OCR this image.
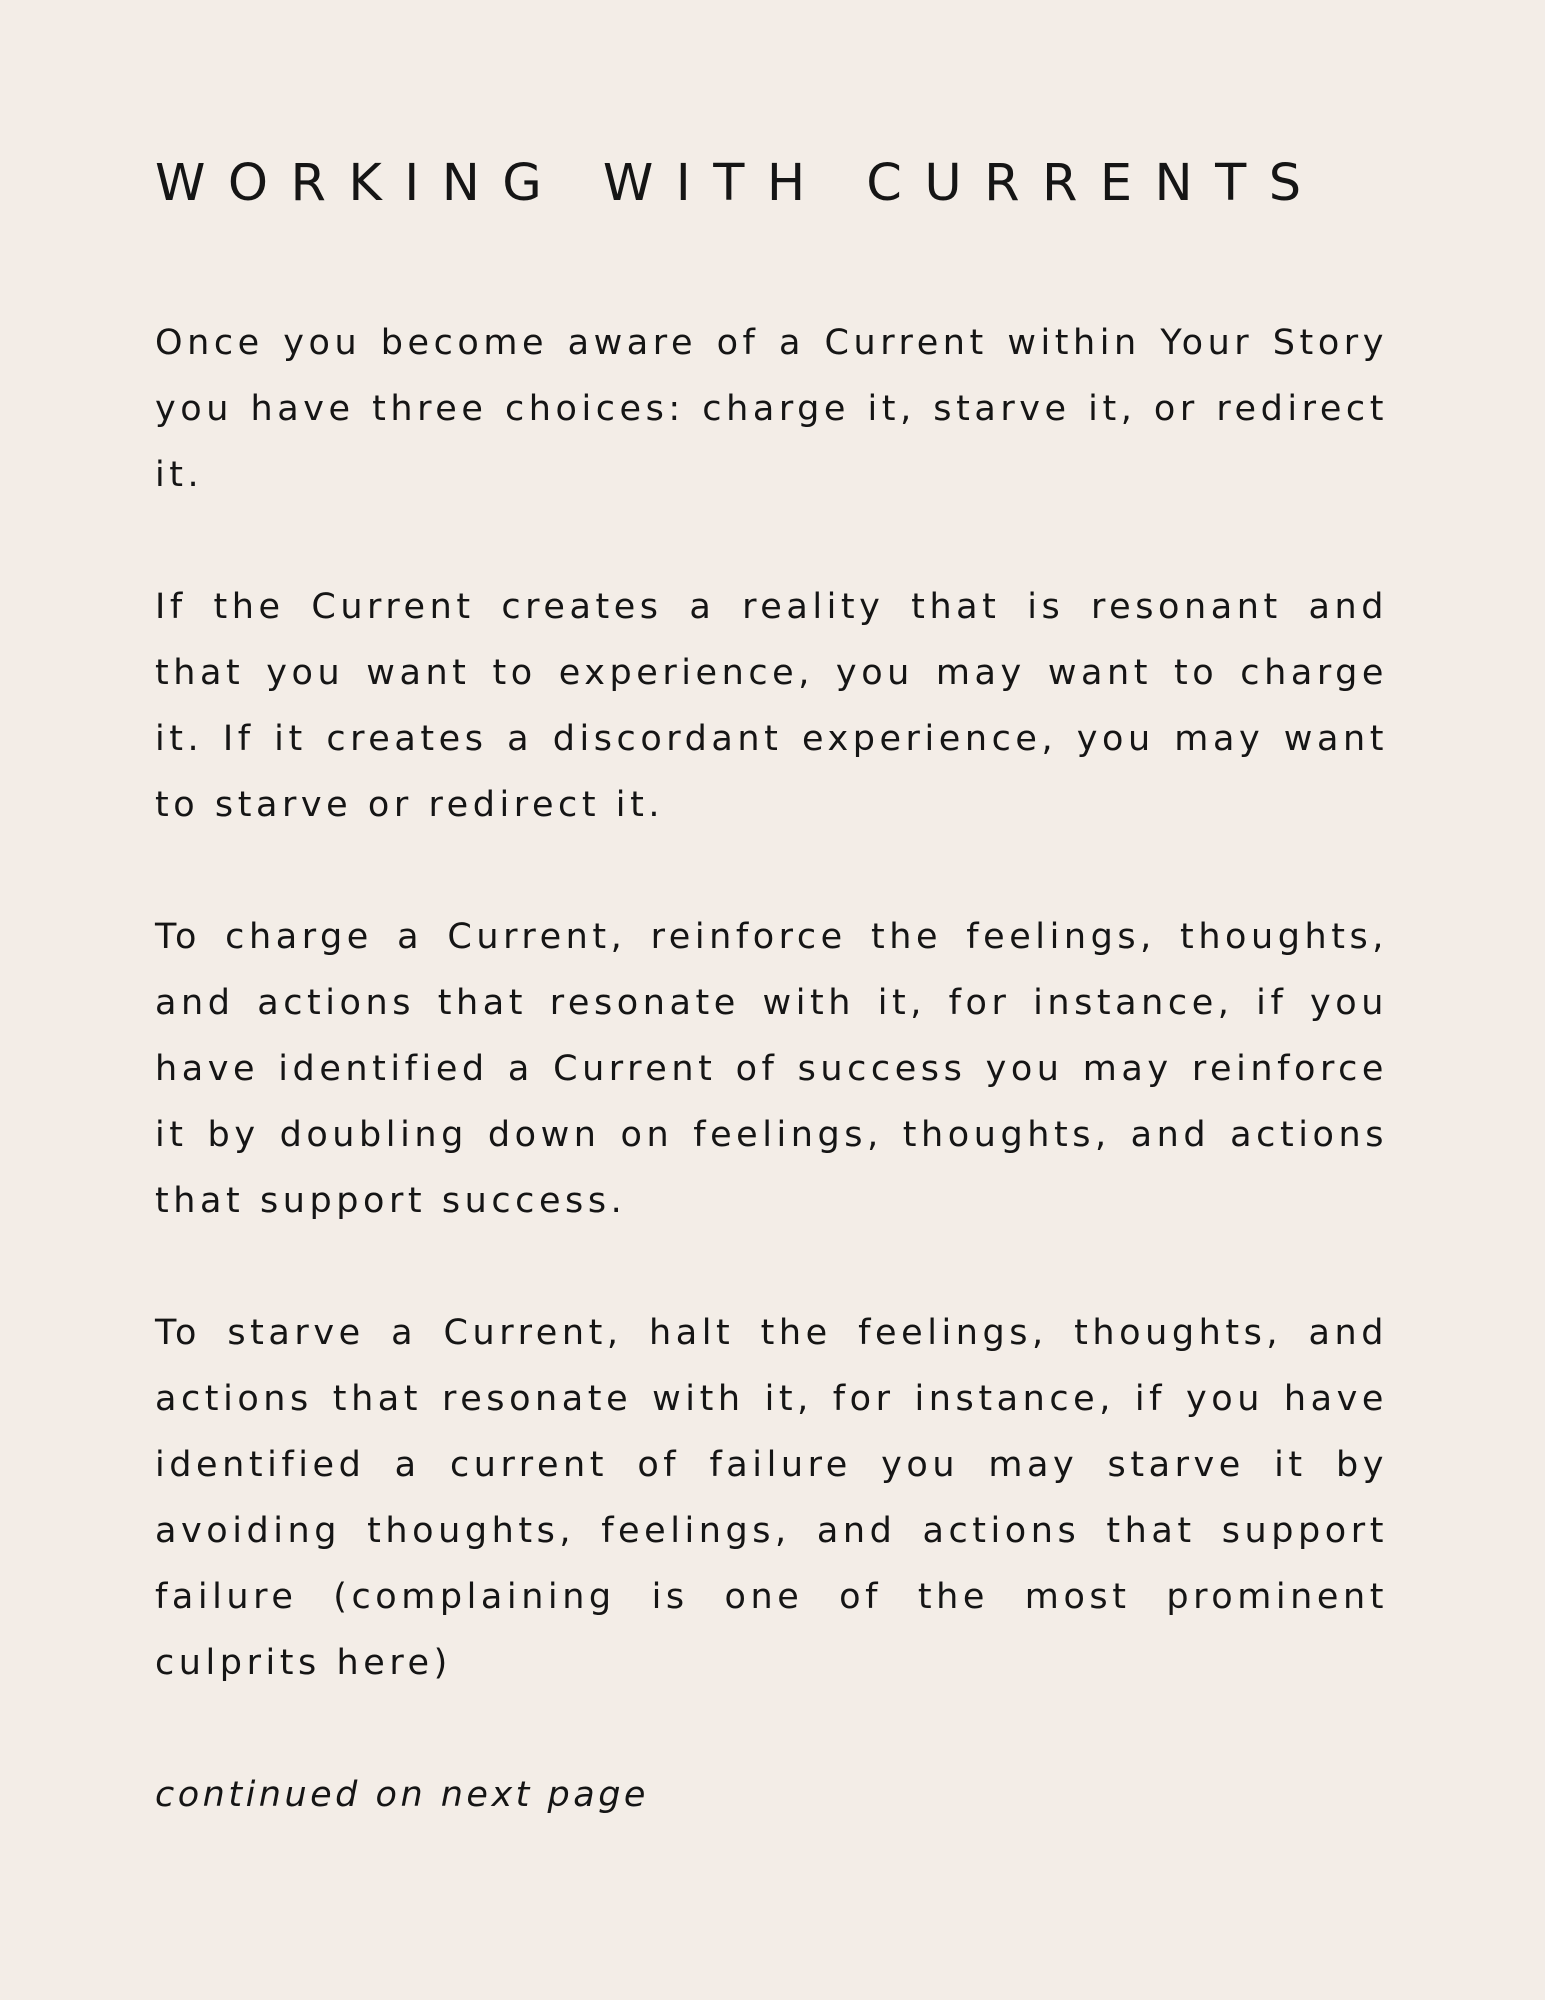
WORKING WITH CURRENTS

Once you become aware of a Current within Your Story you have three choices: charge it, starve it, or redirect it.

If the Current creates a reality that is resonant and that you want to experience, you may want to charge it. If it creates a discordant experience, you may want to starve or redirect it.

To charge a Current, reinforce the feelings, thoughts, and actions that resonate with it, for instance, if you have identified a Current of success you may reinforce it by doubling down on feelings, thoughts, and actions that support success.

To starve a Current, halt the feelings, thoughts, and actions that resonate with it, for instance, if you have identified a current of failure you may starve it by avoiding thoughts, feelings, and actions that support failure (complaining is one of the most prominent culprits here)

continued on next page
